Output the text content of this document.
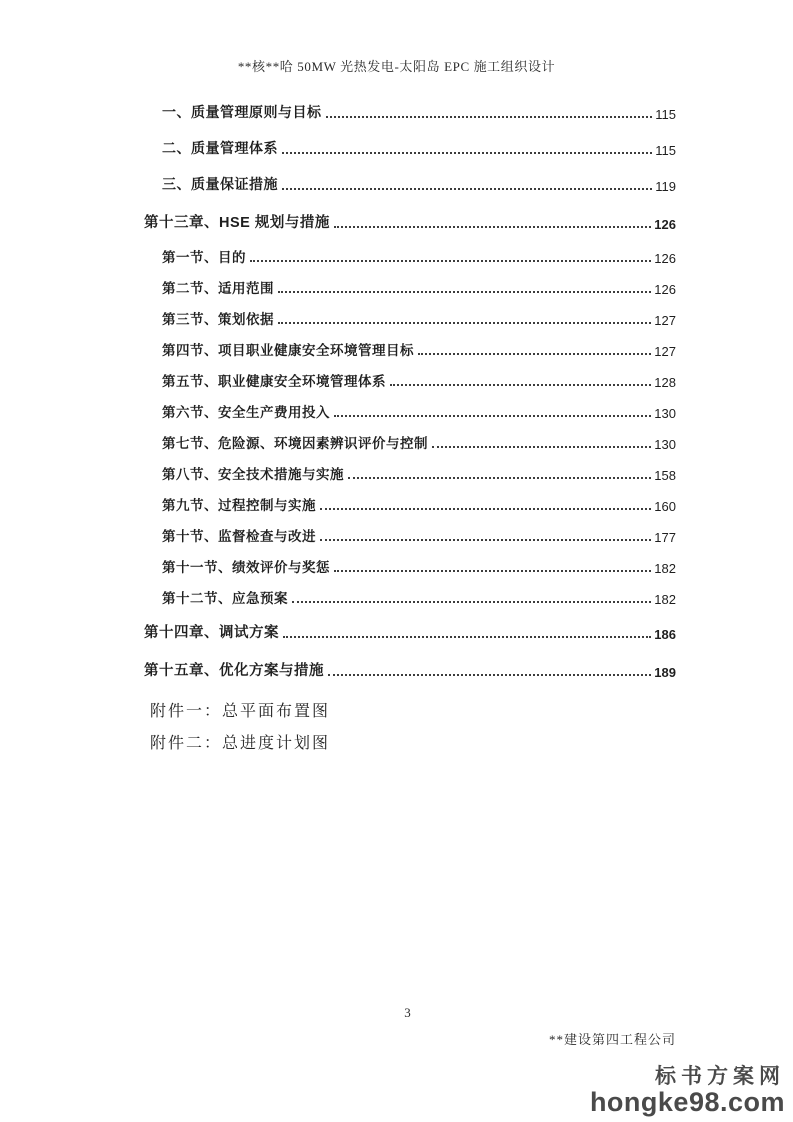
**核**哈 50MW 光热发电-太阳岛 EPC 施工组织设计
一、质量管理原则与目标	115
二、质量管理体系	115
三、质量保证措施	119
第十三章、HSE 规划与措施	126
第一节、目的	126
第二节、适用范围	126
第三节、策划依据	127
第四节、项目职业健康安全环境管理目标	127
第五节、职业健康安全环境管理体系	128
第六节、安全生产费用投入	130
第七节、危险源、环境因素辨识评价与控制	130
第八节、安全技术措施与实施	158
第九节、过程控制与实施	160
第十节、监督检查与改进	177
第十一节、绩效评价与奖惩	182
第十二节、应急预案	182
第十四章、调试方案	186
第十五章、优化方案与措施	189
附件一：总平面布置图
附件二：总进度计划图
3
**建设第四工程公司
标书方案网
hongke98.com
